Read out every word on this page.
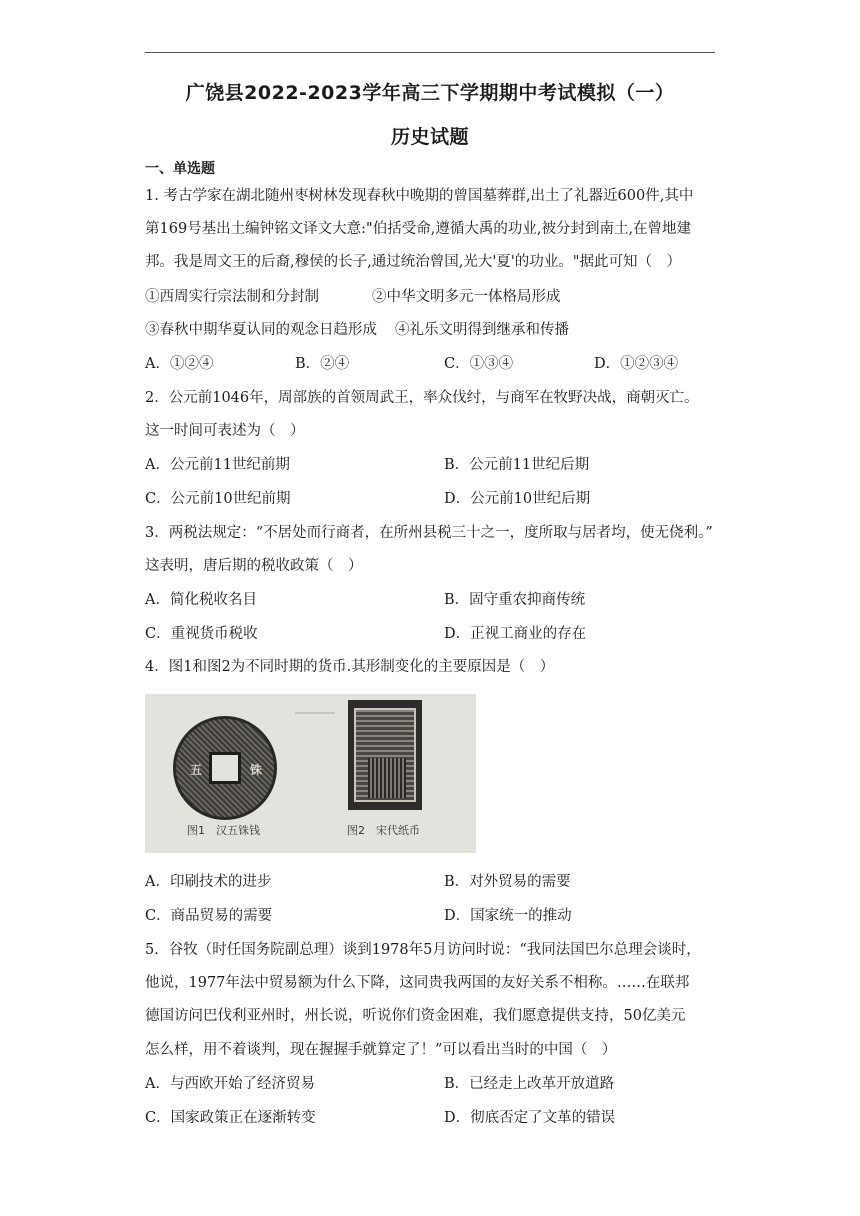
广饶县2022-2023学年高三下学期期中考试模拟（一）
历史试题
一、单选题
1. 考古学家在湖北随州枣树林发现春秋中晚期的曾国墓葬群,出土了礼器近600件,其中
第169号基出土编钟铭文译文大意:"伯括受命,遵循大禹的功业,被分封到南土,在曾地建
邦。我是周文王的后裔,穆侯的长子,通过统治曾国,光大'夏'的功业。"据此可知（　）
①西周实行宗法制和分封制	②中华文明多元一体格局形成
③春秋中期华夏认同的观念日趋形成 ④礼乐文明得到继承和传播
A．①②④	B．②④	C．①③④	D．①②③④
2．公元前1046年，周部族的首领周武王，率众伐纣，与商军在牧野决战，商朝灭亡。
这一时间可表述为（　）
A．公元前11世纪前期	B．公元前11世纪后期
C．公元前10世纪前期	D．公元前10世纪后期
3．两税法规定：“不居处而行商者，在所州县税三十之一，度所取与居者均，使无侥利。”
这表明，唐后期的税收政策（　）
A．简化税收名目	B．固守重农抑商传统
C．重视货币税收	D．正视工商业的存在
4．图1和图2为不同时期的货币.其形制变化的主要原因是（　）
五	铢
图1　汉五铢钱	图2　宋代纸币
A．印刷技术的进步	B．对外贸易的需要
C．商品贸易的需要	D．国家统一的推动
5．谷牧（时任国务院副总理）谈到1978年5月访问时说：“我同法国巴尔总理会谈时，
他说，1977年法中贸易额为什么下降，这同贵我两国的友好关系不相称。……在联邦
德国访问巴伐利亚州时，州长说，听说你们资金困难，我们愿意提供支持，50亿美元
怎么样，用不着谈判，现在握握手就算定了！”可以看出当时的中国（　）
A．与西欧开始了经济贸易	B．已经走上改革开放道路
C．国家政策正在逐渐转变	D．彻底否定了文革的错误
